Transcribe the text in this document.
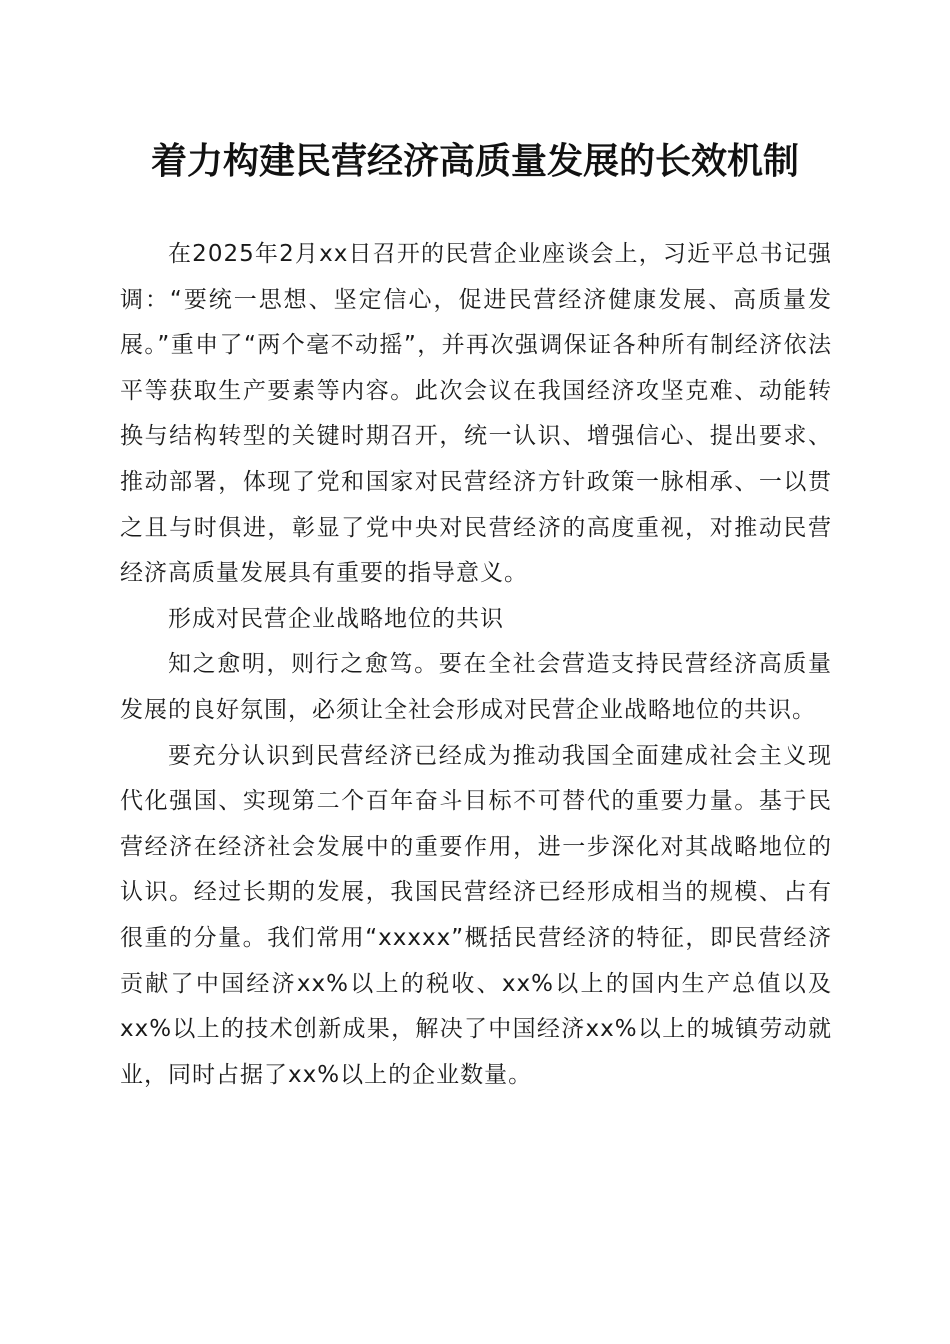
着力构建民营经济高质量发展的长效机制

在2025年2月xx日召开的民营企业座谈会上，习近平总书记强调：“要统一思想、坚定信心，促进民营经济健康发展、高质量发展。”重申了“两个毫不动摇”，并再次强调保证各种所有制经济依法平等获取生产要素等内容。此次会议在我国经济攻坚克难、动能转换与结构转型的关键时期召开，统一认识、增强信心、提出要求、推动部署，体现了党和国家对民营经济方针政策一脉相承、一以贯之且与时俱进，彰显了党中央对民营经济的高度重视，对推动民营经济高质量发展具有重要的指导意义。

形成对民营企业战略地位的共识

知之愈明，则行之愈笃。要在全社会营造支持民营经济高质量发展的良好氛围，必须让全社会形成对民营企业战略地位的共识。

要充分认识到民营经济已经成为推动我国全面建成社会主义现代化强国、实现第二个百年奋斗目标不可替代的重要力量。基于民营经济在经济社会发展中的重要作用，进一步深化对其战略地位的认识。经过长期的发展，我国民营经济已经形成相当的规模、占有很重的分量。我们常用“xxxxx”概括民营经济的特征，即民营经济贡献了中国经济xx%以上的税收、xx%以上的国内生产总值以及xx%以上的技术创新成果，解决了中国经济xx%以上的城镇劳动就业，同时占据了xx%以上的企业数量。
